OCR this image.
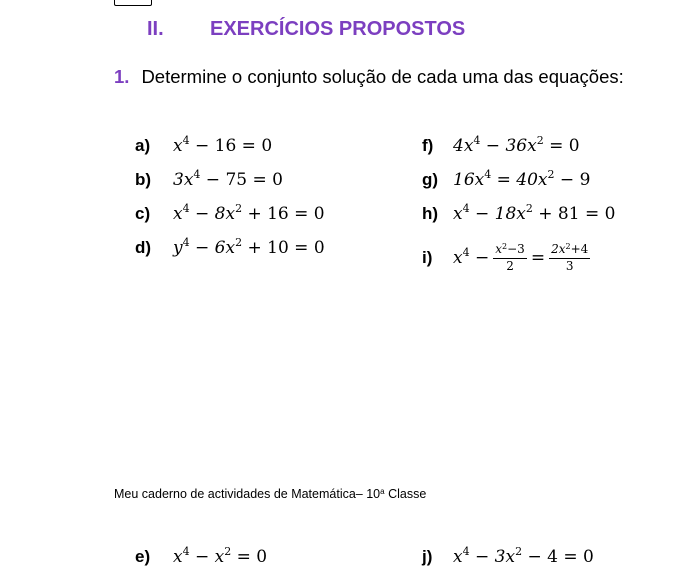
II.	EXERCÍCIOS PROPOSTOS
1. Determine o conjunto solução de cada uma das equações:
a)	$x^4 - 16 = 0$
b)	$3x^4 - 75 = 0$
c)	$x^4 - 8x^2 + 16 = 0$
d)	$y^4 - 6x^2 + 10 = 0$
f)	$4x^4 - 36x^2 = 0$
g) $16x^4 = 40x^2 - 9$
h) $x^4 - 18x^2 + 81 = 0$
i)	$x^4 - \frac{x^2-3}{2} = \frac{2x^2+4}{3}$
Meu caderno de actividades de Matemática– 10$^a$ Classe
e)	$x^4 - x^2 = 0$	j)	$x^4 - 3x^2 - 4 = 0$
